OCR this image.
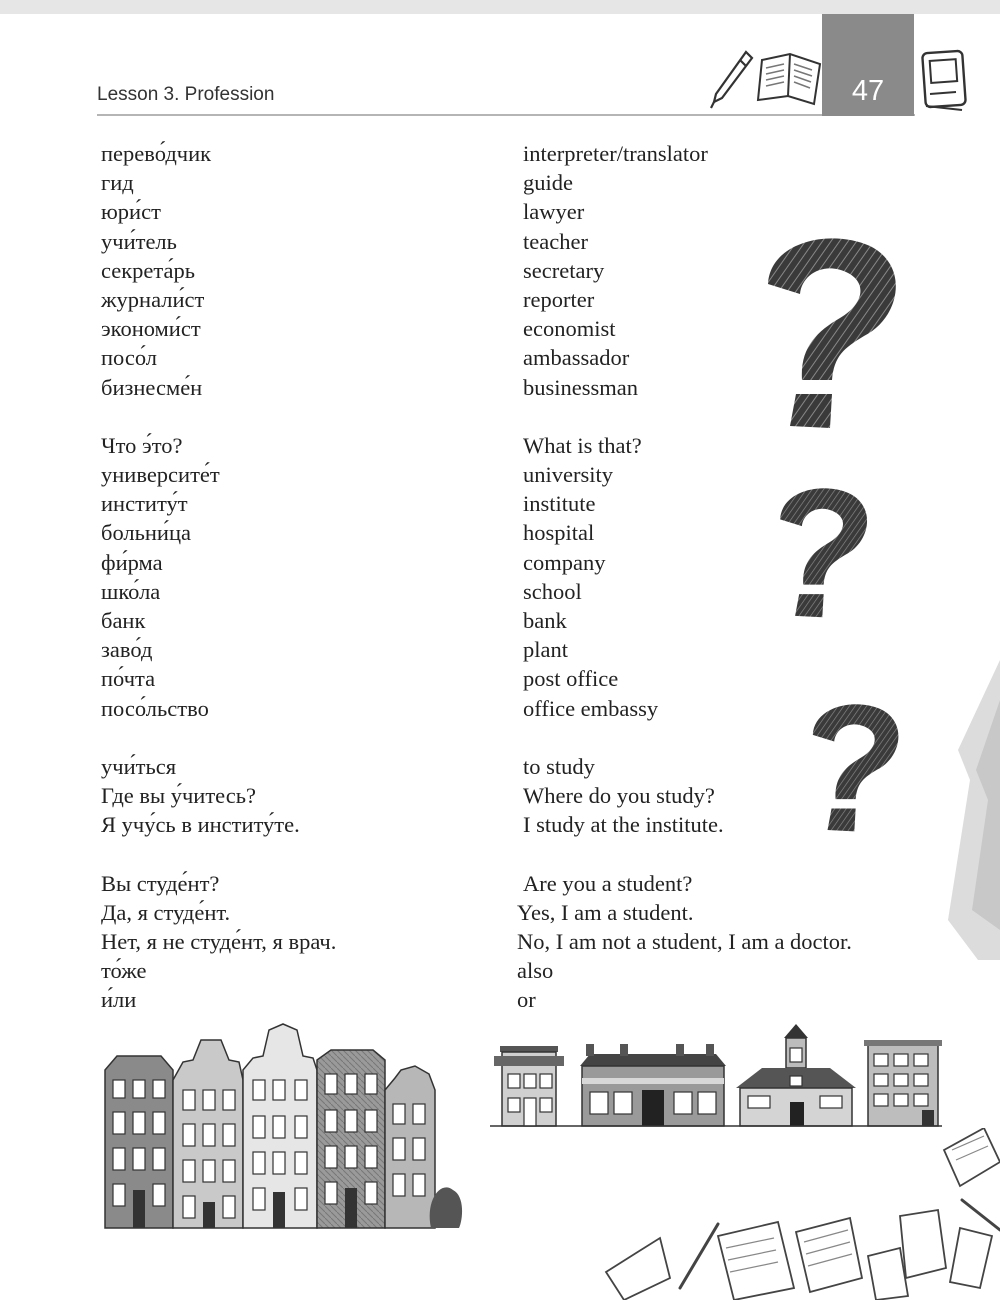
Lesson 3. Profession	47
перево́дчик
гид
юри́ст
учи́тель
секрета́рь
журнали́ст
экономи́ст
посо́л
бизнесме́н
Что э́то?
университе́т
институ́т
больни́ца
фи́рма
шко́ла
банк
заво́д
по́чта
посо́льство
учи́ться
Где вы у́читесь?
Я учу́сь в институ́те.
Вы студе́нт?
Да, я студе́нт.
Нет, я не студе́нт, я врач.
то́же
и́ли
interpreter/translator
guide
lawyer
teacher
secretary
reporter
economist
ambassador
businessman
What is that?
university
institute
hospital
company
school
bank
plant
post office
office embassy
to study
Where do you study?
I study at the institute.
Are you a student?
Yes, I am a student.
No, I am not a student, I am a doctor.
also
or
